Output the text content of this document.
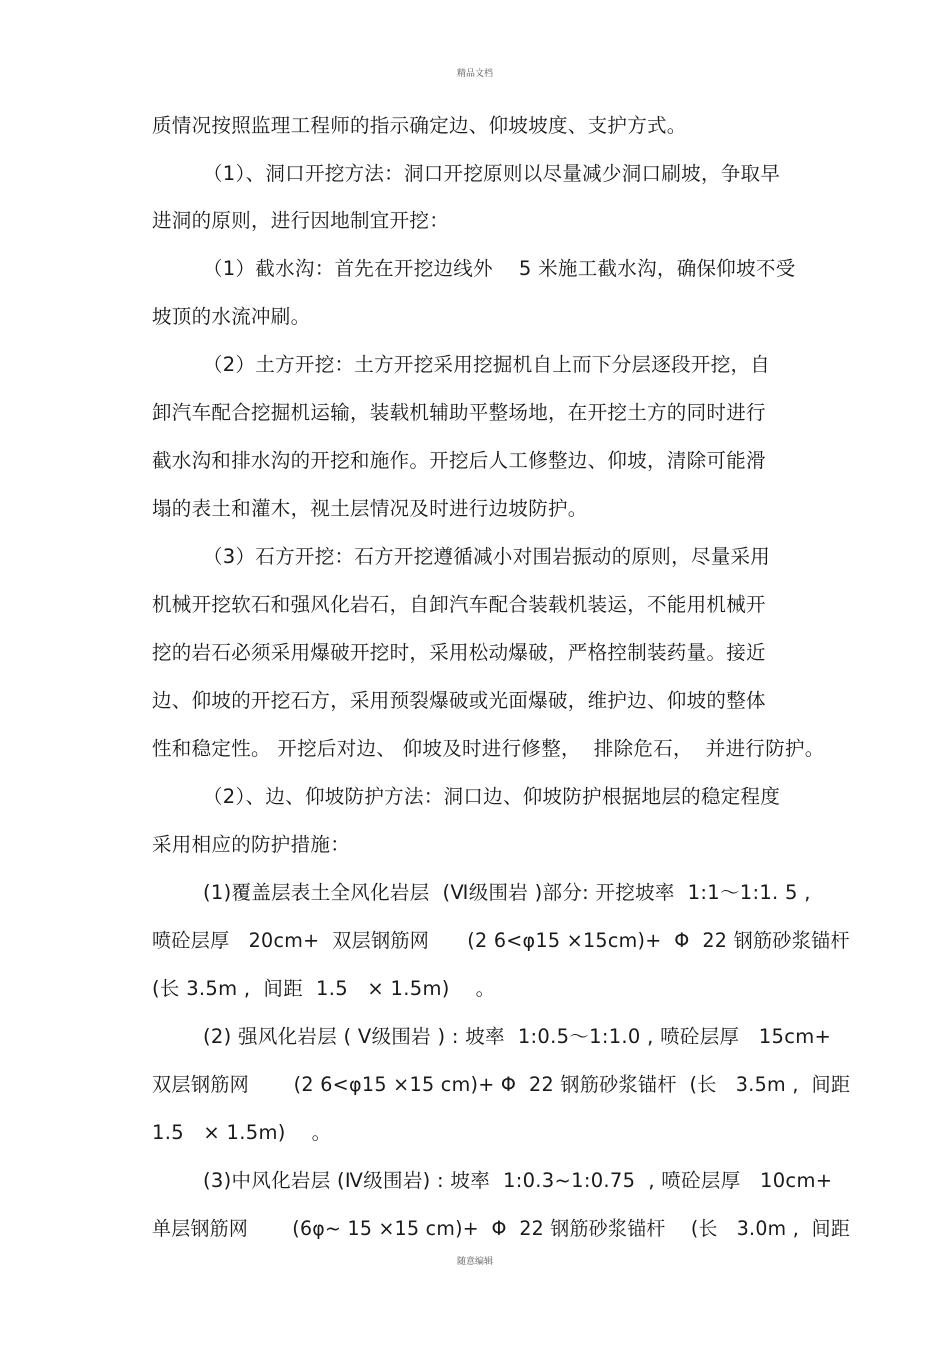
精品文档
质情况按照监理工程师的指示确定边、仰坡坡度、支护方式。
（1）、洞口开挖方法：洞口开挖原则以尽量减少洞口刷坡，争取早
进洞的原则，进行因地制宜开挖：
（1）截水沟：首先在开挖边线外    5 米施工截水沟，确保仰坡不受
坡顶的水流冲刷。
（2）土方开挖：土方开挖采用挖掘机自上而下分层逐段开挖，自
卸汽车配合挖掘机运输，装载机辅助平整场地，在开挖土方的同时进行
截水沟和排水沟的开挖和施作。开挖后人工修整边、仰坡，清除可能滑
塌的表土和灌木，视土层情况及时进行边坡防护。
（3）石方开挖：石方开挖遵循减小对围岩振动的原则，尽量采用
机械开挖软石和强风化岩石，自卸汽车配合装载机装运，不能用机械开
挖的岩石必须采用爆破开挖时，采用松动爆破，严格控制装药量。接近
边、仰坡的开挖石方，采用预裂爆破或光面爆破，维护边、仰坡的整体
性和稳定性。 开挖后对边、 仰坡及时进行修整，  排除危石，  并进行防护。
（2）、边、仰坡防护方法：洞口边、仰坡防护根据地层的稳定程度
采用相应的防护措施：
(1)覆盖层表土全风化岩层  (Ⅵ级围岩 )部分: 开挖坡率  1:1～1:1. 5 ,
喷砼层厚   20cm+  双层钢筋网      (2 6<φ15 ×15cm)+  Φ  22 钢筋砂浆锚杆
(长 3.5m ,  间距  1.5   × 1.5m)    。
(2) 强风化岩层 ( Ⅴ级围岩 ) : 坡率  1:0.5～1:1.0 , 喷砼层厚   15cm+
双层钢筋网       (2 6<φ15 ×15 cm)+ Φ  22 钢筋砂浆锚杆  (长   3.5m ,  间距
1.5   × 1.5m)    。
(3)中风化岩层 (Ⅳ级围岩) : 坡率  1:0.3~1:0.75  , 喷砼层厚   10cm+
单层钢筋网       (6φ~ 15 ×15 cm)+  Φ  22 钢筋砂浆锚杆    (长   3.0m ,  间距
随意编辑
